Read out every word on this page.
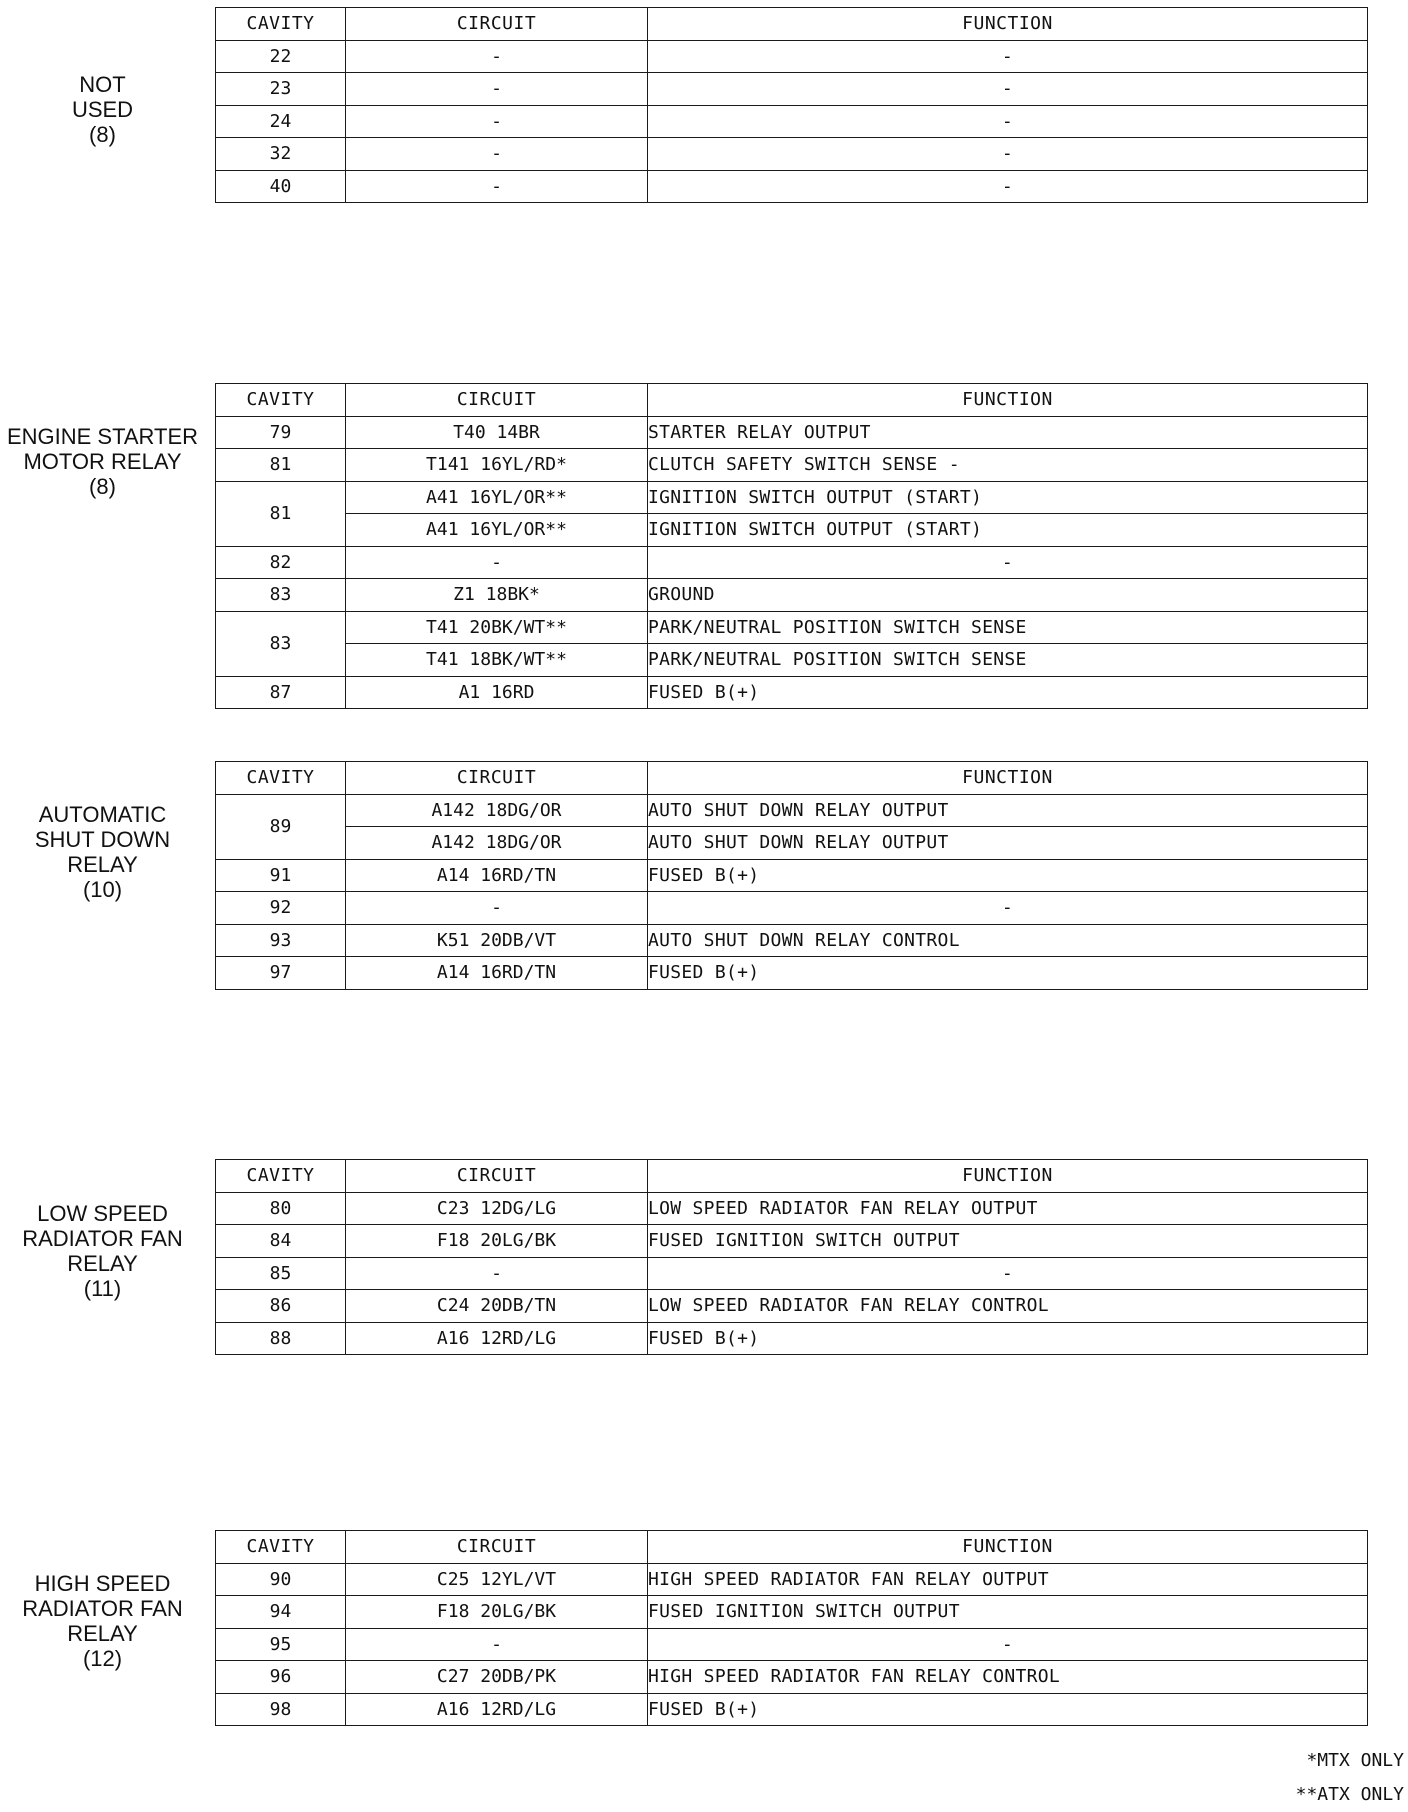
NOT
USED
(8)
CAVITY	CIRCUIT	FUNCTION
22	-	-
23	-	-
24	-	-
32	-	-
40	-	-
ENGINE STARTER
MOTOR RELAY
(8)
CAVITY	CIRCUIT	FUNCTION
79	T40 14BR	STARTER RELAY OUTPUT
81	T141 16YL/RD*	CLUTCH SAFETY SWITCH SENSE -
81	A41 16YL/OR**	IGNITION SWITCH OUTPUT (START)
	A41 16YL/OR**	IGNITION SWITCH OUTPUT (START)
82	-	-
83	Z1 18BK*	GROUND
83	T41 20BK/WT**	PARK/NEUTRAL POSITION SWITCH SENSE
	T41 18BK/WT**	PARK/NEUTRAL POSITION SWITCH SENSE
87	A1 16RD	FUSED B(+)
AUTOMATIC
SHUT DOWN
RELAY
(10)
CAVITY	CIRCUIT	FUNCTION
89	A142 18DG/OR	AUTO SHUT DOWN RELAY OUTPUT
	A142 18DG/OR	AUTO SHUT DOWN RELAY OUTPUT
91	A14 16RD/TN	FUSED B(+)
92	-	-
93	K51 20DB/VT	AUTO SHUT DOWN RELAY CONTROL
97	A14 16RD/TN	FUSED B(+)
LOW SPEED
RADIATOR FAN
RELAY
(11)
CAVITY	CIRCUIT	FUNCTION
80	C23 12DG/LG	LOW SPEED RADIATOR FAN RELAY OUTPUT
84	F18 20LG/BK	FUSED IGNITION SWITCH OUTPUT
85	-	-
86	C24 20DB/TN	LOW SPEED RADIATOR FAN RELAY CONTROL
88	A16 12RD/LG	FUSED B(+)
HIGH SPEED
RADIATOR FAN
RELAY
(12)
CAVITY	CIRCUIT	FUNCTION
90	C25 12YL/VT	HIGH SPEED RADIATOR FAN RELAY OUTPUT
94	F18 20LG/BK	FUSED IGNITION SWITCH OUTPUT
95	-	-
96	C27 20DB/PK	HIGH SPEED RADIATOR FAN RELAY CONTROL
98	A16 12RD/LG	FUSED B(+)
*MTX ONLY
**ATX ONLY
